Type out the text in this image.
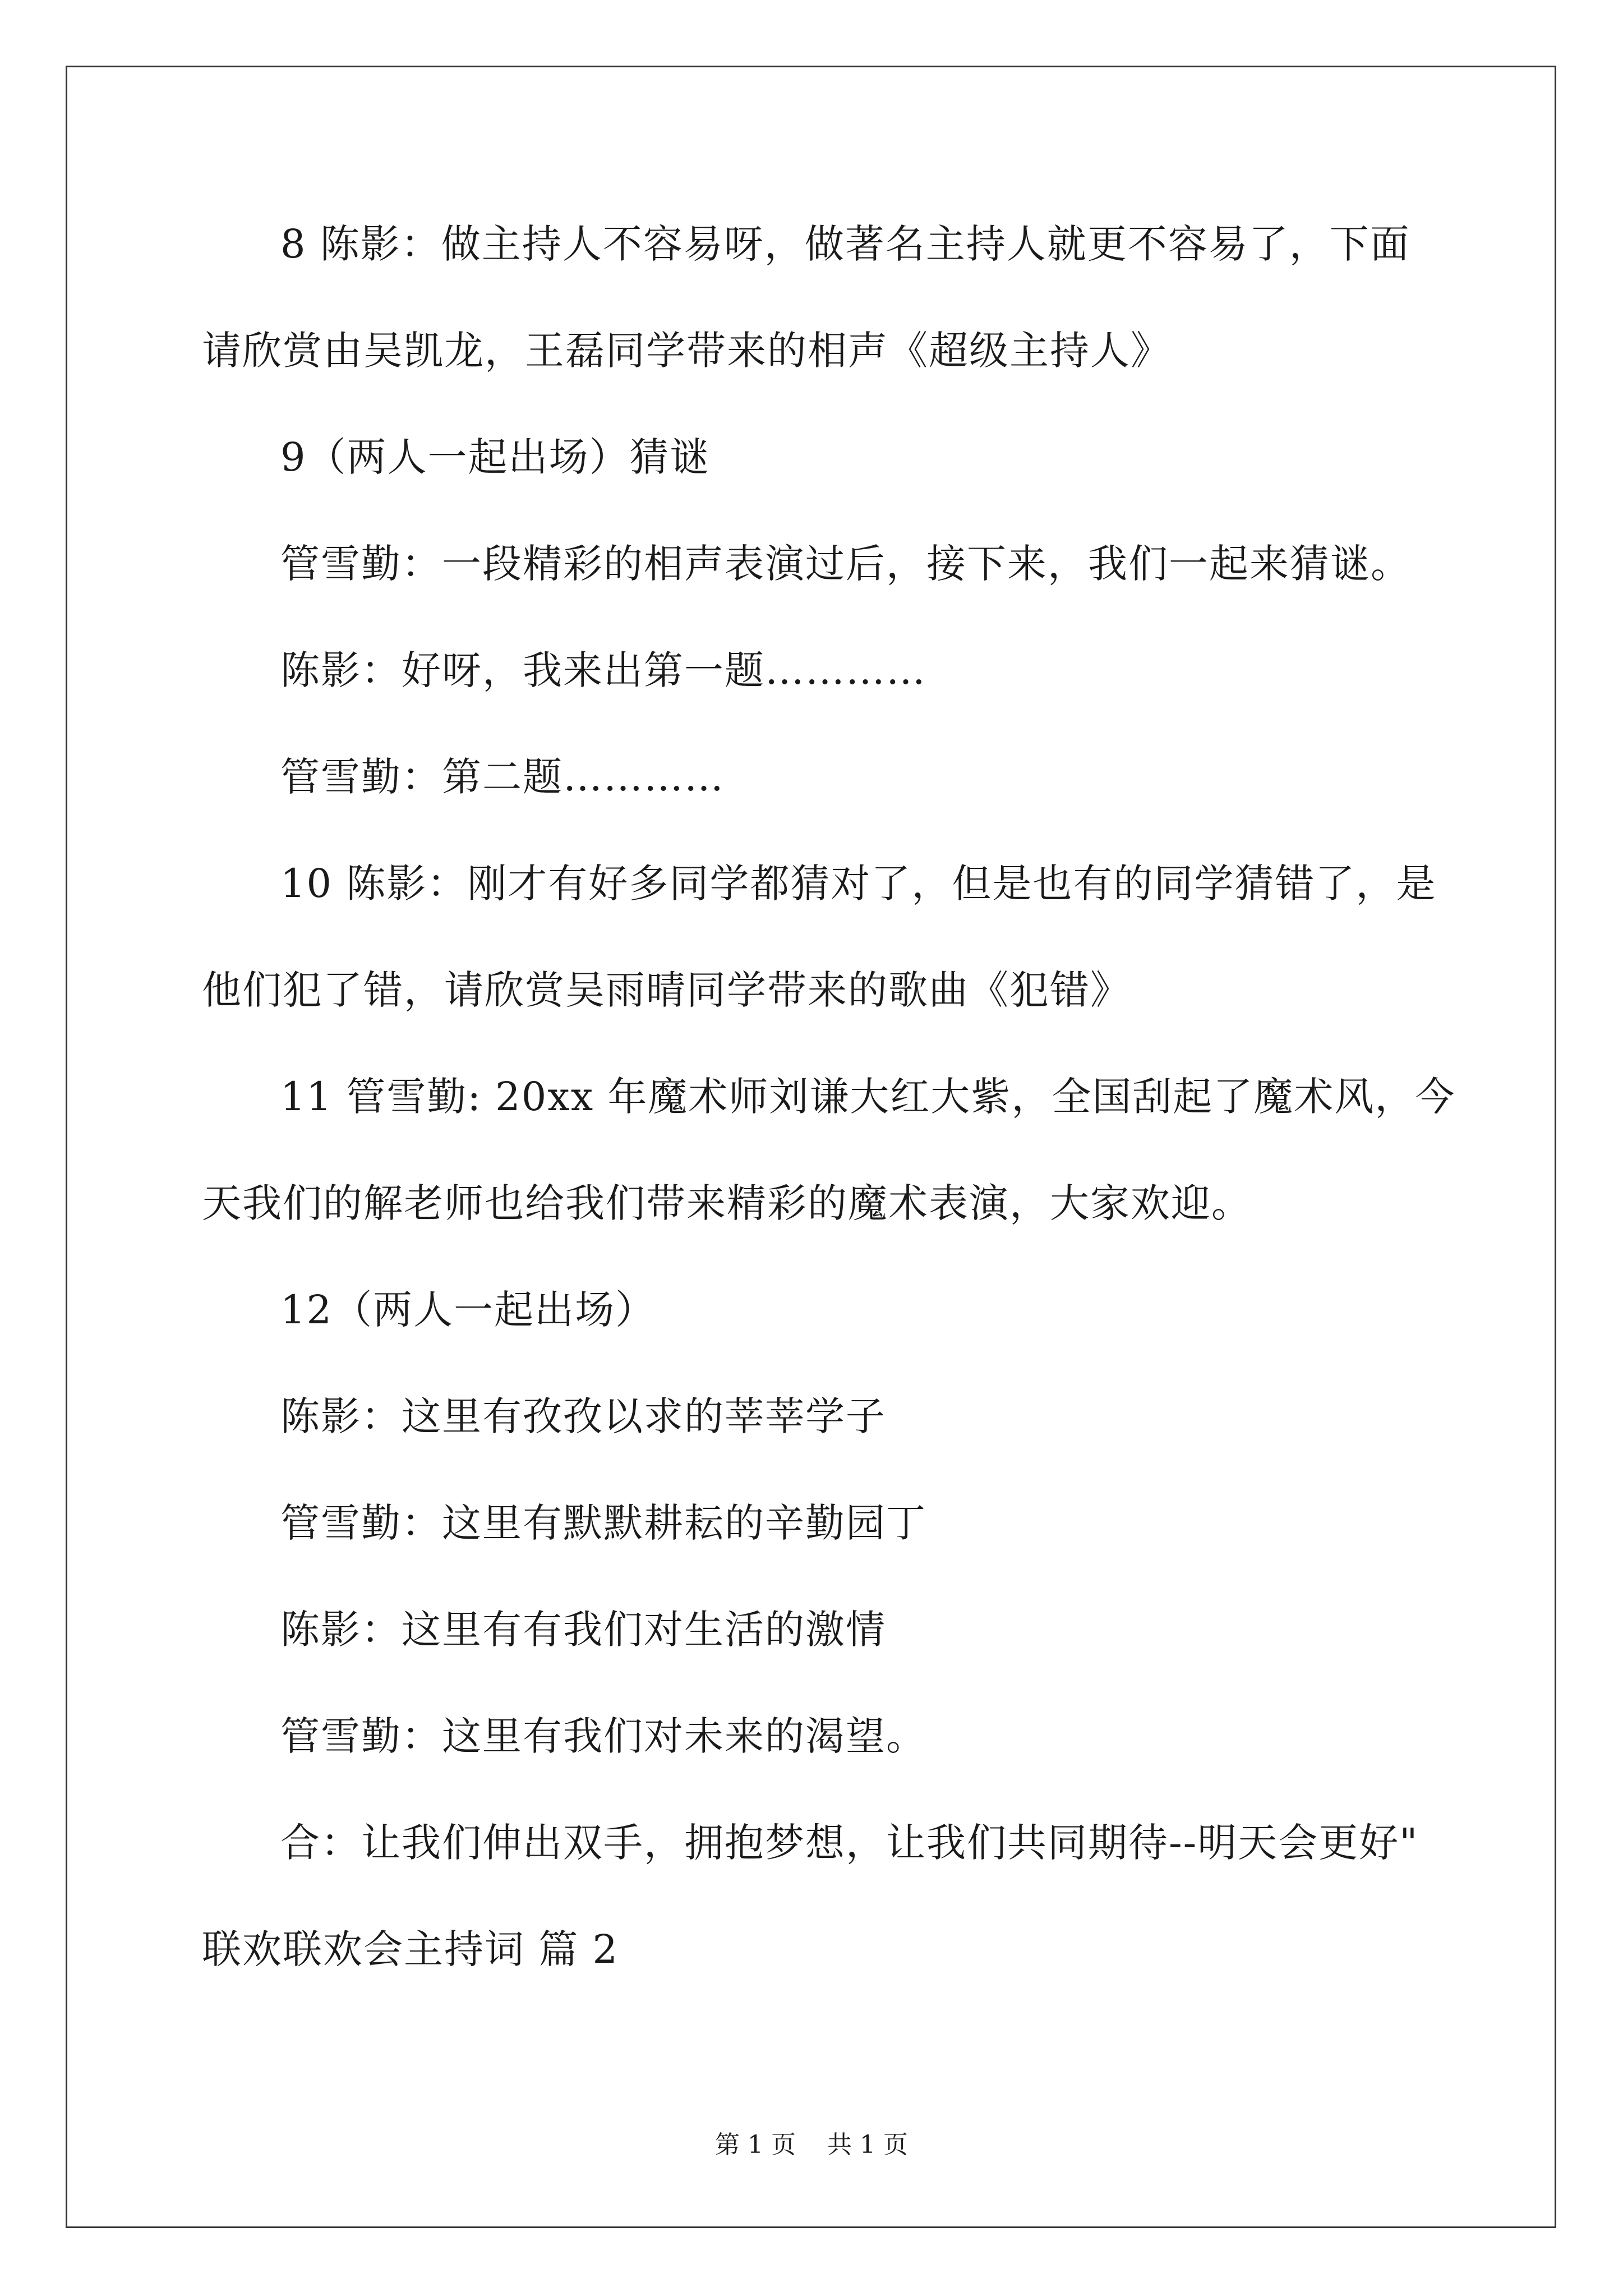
8 陈影：做主持人不容易呀，做著名主持人就更不容易了，下面
请欣赏由吴凯龙，王磊同学带来的相声《超级主持人》
9（两人一起出场）猜谜
管雪勤：一段精彩的相声表演过后，接下来，我们一起来猜谜。
陈影：好呀，我来出第一题…………
管雪勤：第二题…………
10 陈影：刚才有好多同学都猜对了，但是也有的同学猜错了，是
他们犯了错，请欣赏吴雨晴同学带来的歌曲《犯错》
11 管雪勤: 20xx 年魔术师刘谦大红大紫，全国刮起了魔术风，今
天我们的解老师也给我们带来精彩的魔术表演，大家欢迎。
12（两人一起出场）
陈影：这里有孜孜以求的莘莘学子
管雪勤：这里有默默耕耘的辛勤园丁
陈影：这里有有我们对生活的激情
管雪勤：这里有我们对未来的渴望。
合：让我们伸出双手，拥抱梦想，让我们共同期待--明天会更好"
联欢联欢会主持词 篇 2
第 1 页    共 1 页
